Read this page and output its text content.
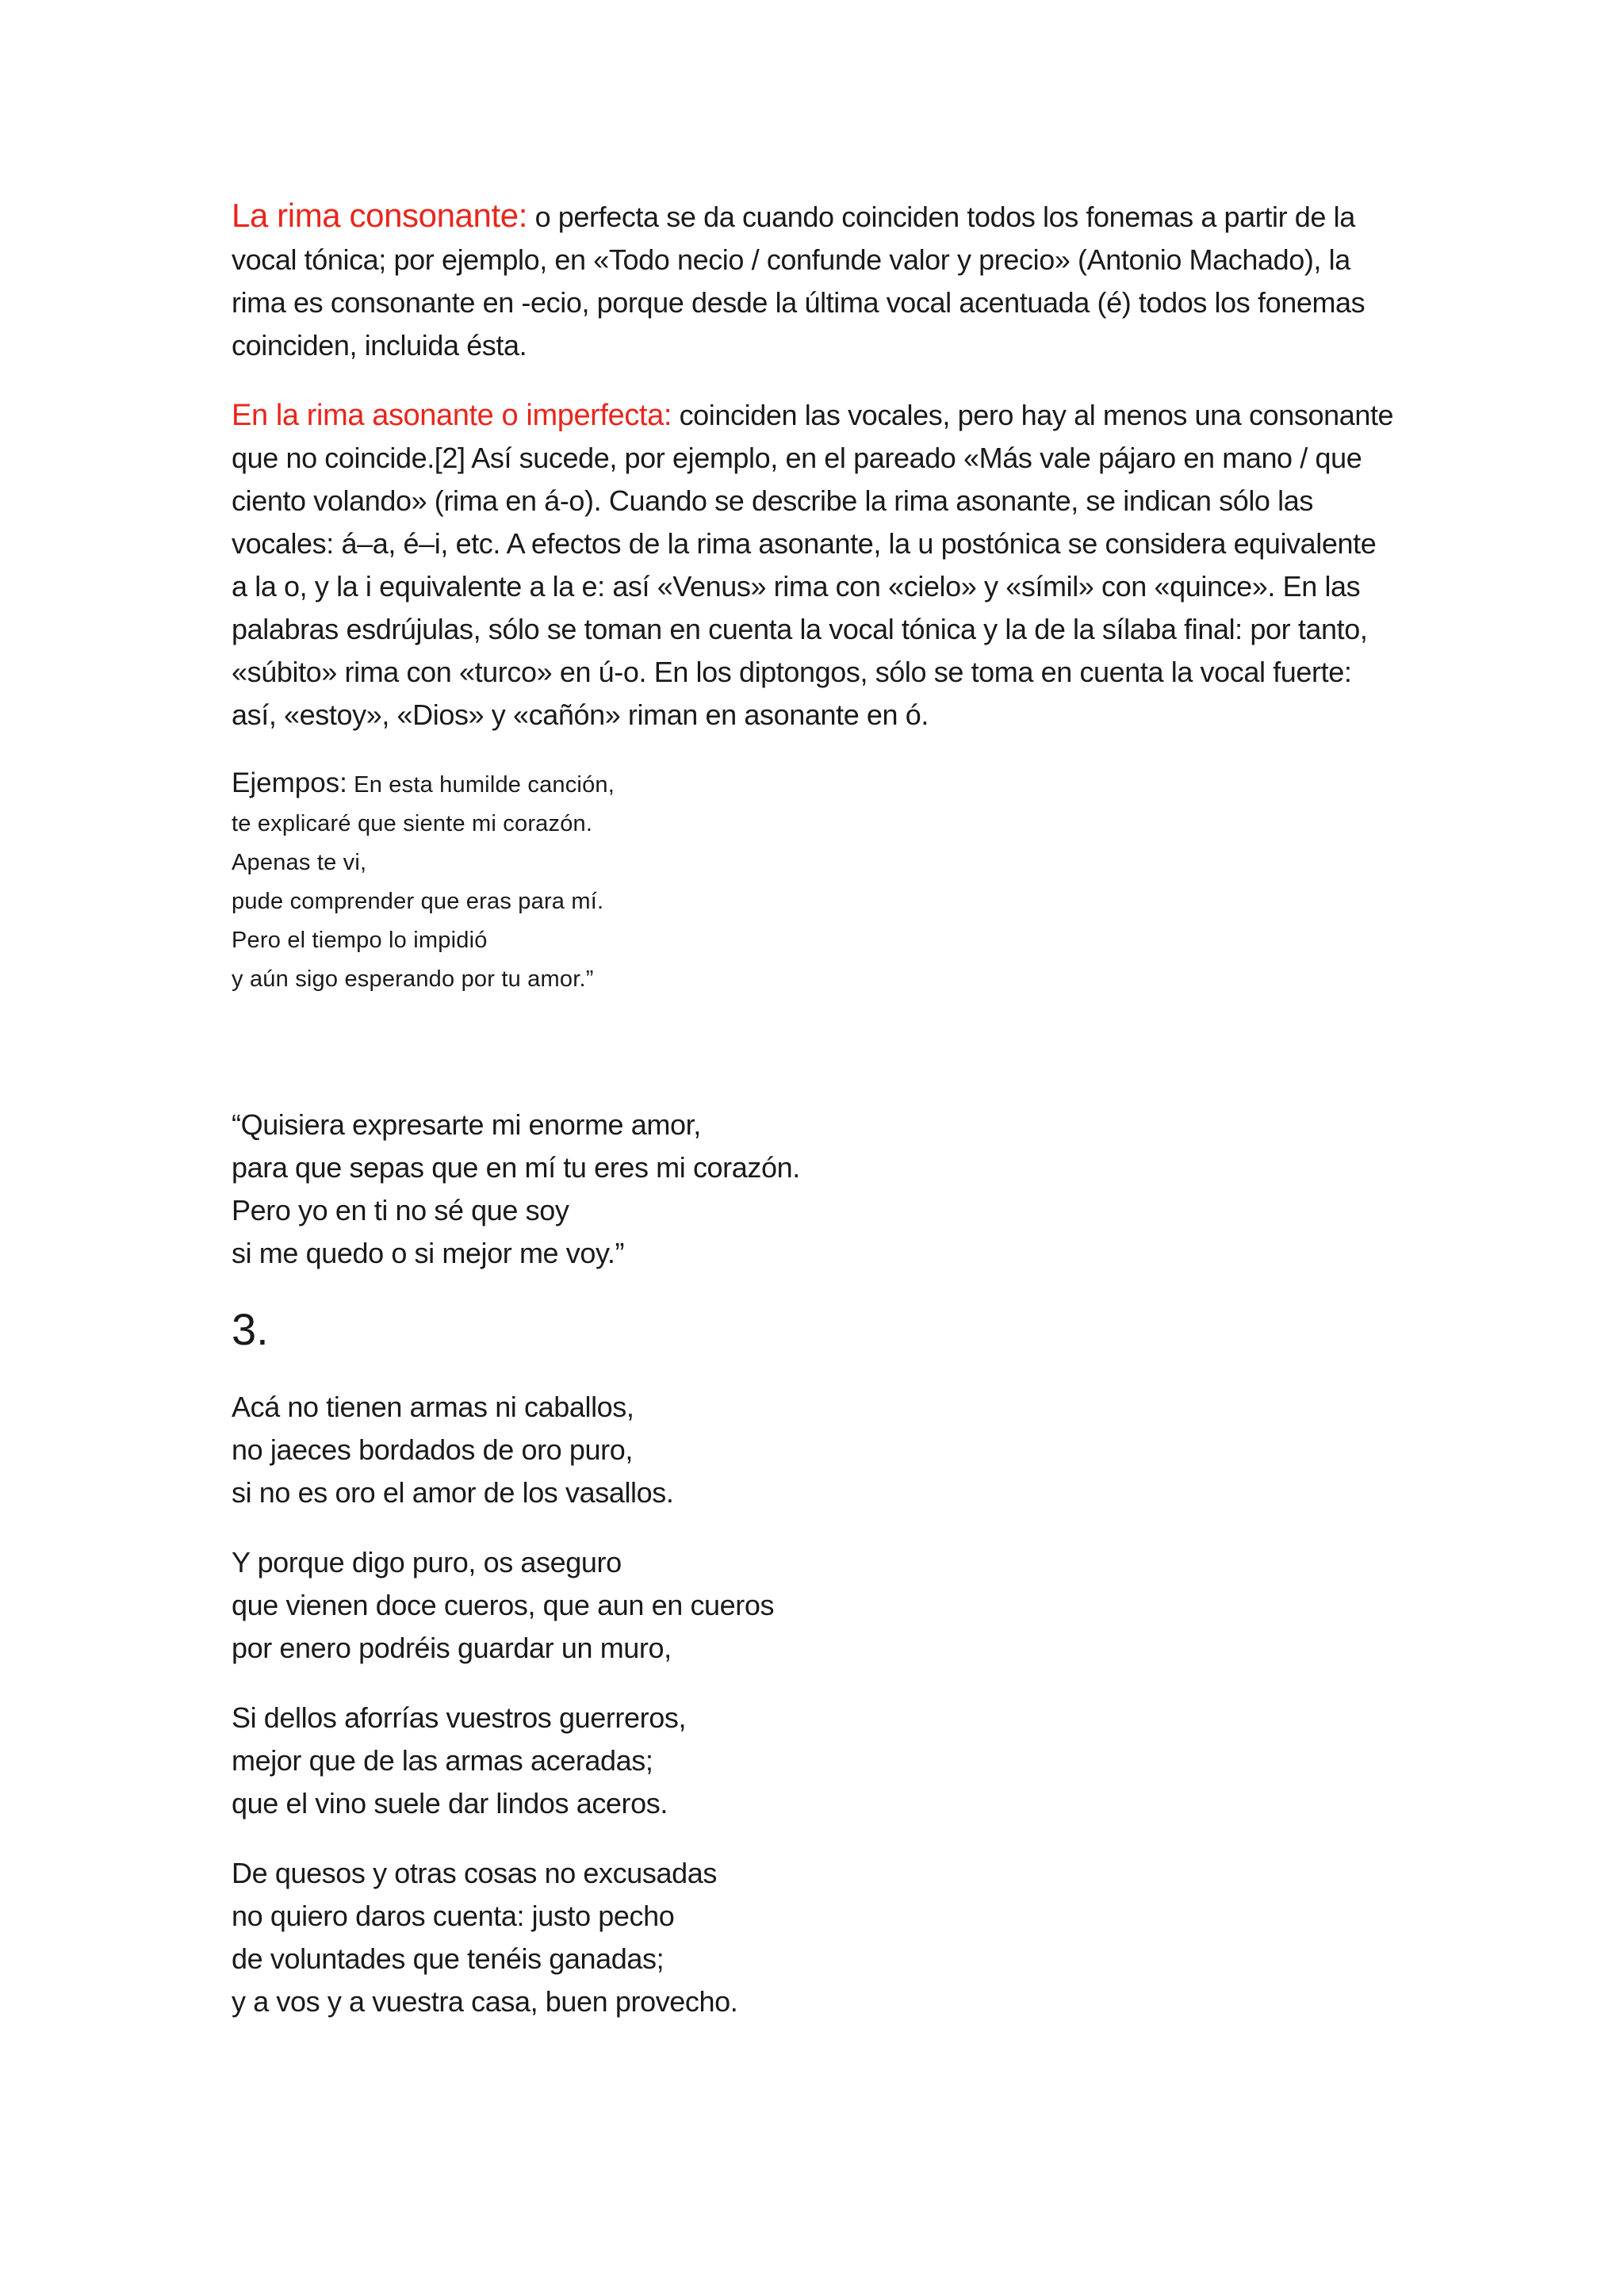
La rima consonante: o perfecta se da cuando coinciden todos los fonemas a partir de la vocal tónica; por ejemplo, en «Todo necio / confunde valor y precio» (Antonio Machado), la rima es consonante en -ecio, porque desde la última vocal acentuada (é) todos los fonemas coinciden, incluida ésta.

En la rima asonante o imperfecta: coinciden las vocales, pero hay al menos una consonante que no coincide.[2] Así sucede, por ejemplo, en el pareado «Más vale pájaro en mano / que ciento volando» (rima en á-o). Cuando se describe la rima asonante, se indican sólo las vocales: á–a, é–i, etc. A efectos de la rima asonante, la u postónica se considera equivalente a la o, y la i equivalente a la e: así «Venus» rima con «cielo» y «símil» con «quince». En las palabras esdrújulas, sólo se toman en cuenta la vocal tónica y la de la sílaba final: por tanto, «súbito» rima con «turco» en ú-o. En los diptongos, sólo se toma en cuenta la vocal fuerte: así, «estoy», «Dios» y «cañón» riman en asonante en ó.

Ejempos: En esta humilde canción,

te explicaré que siente mi corazón.

Apenas te vi,

pude comprender que eras para mí.

Pero el tiempo lo impidió

y aún sigo esperando por tu amor.”

“Quisiera expresarte mi enorme amor,

para que sepas que en mí tu eres mi corazón.

Pero yo en ti no sé que soy

si me quedo o si mejor me voy.”

3.

Acá no tienen armas ni caballos,

no jaeces bordados de oro puro,

si no es oro el amor de los vasallos.

Y porque digo puro, os aseguro

que vienen doce cueros, que aun en cueros

por enero podréis guardar un muro,

Si dellos aforrías vuestros guerreros,

mejor que de las armas aceradas;

que el vino suele dar lindos aceros.

De quesos y otras cosas no excusadas

no quiero daros cuenta: justo pecho

de voluntades que tenéis ganadas;

y a vos y a vuestra casa, buen provecho.
